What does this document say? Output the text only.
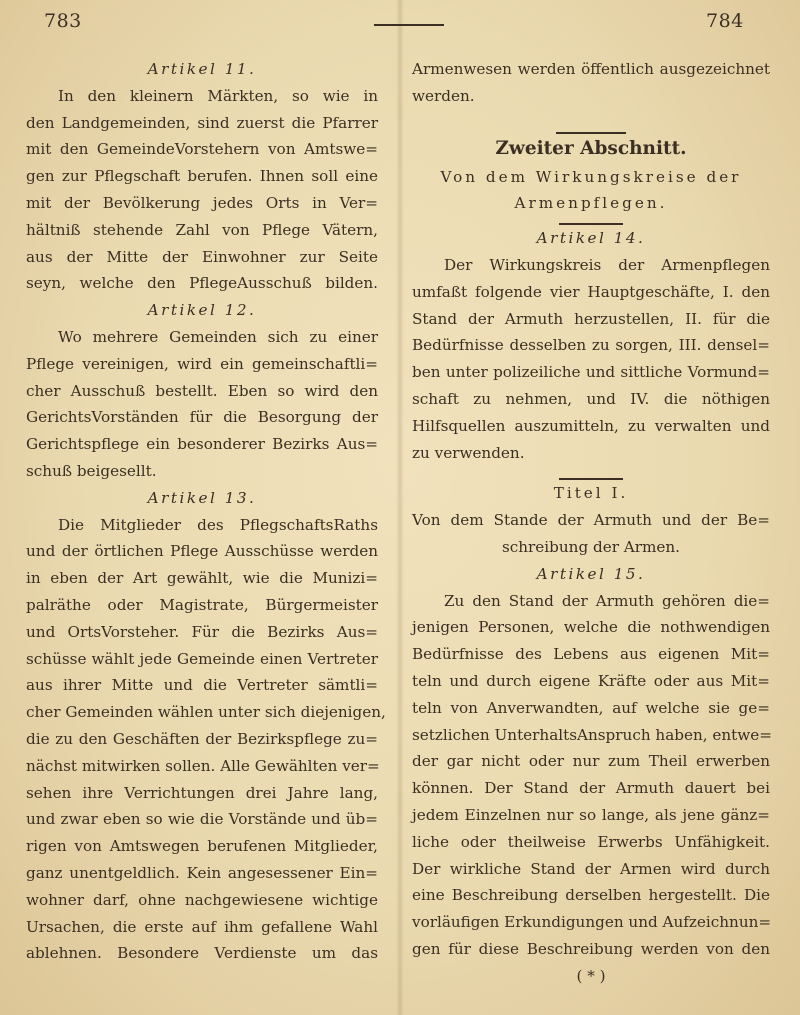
783	784
Artikel 11.
In den kleinern Märkten, so wie in
den Landgemeinden, sind zuerst die Pfarrer
mit den GemeindeVorstehern von Amtswe=
gen zur Pflegschaft berufen. Ihnen soll eine
mit der Bevölkerung jedes Orts in Ver=
hältniß stehende Zahl von Pflege Vätern,
aus der Mitte der Einwohner zur Seite
seyn, welche den PflegeAusschuß bilden.
Artikel 12.
Wo mehrere Gemeinden sich zu einer
Pflege vereinigen, wird ein gemeinschaftli=
cher Ausschuß bestellt. Eben so wird den
GerichtsVorständen für die Besorgung der
Gerichtspflege ein besonderer Bezirks Aus=
schuß beigesellt.
Artikel 13.
Die Mitglieder des PflegschaftsRaths
und der örtlichen Pflege Ausschüsse werden
in eben der Art gewählt, wie die Munizi=
palräthe oder Magistrate, Bürgermeister
und OrtsVorsteher. Für die Bezirks Aus=
schüsse wählt jede Gemeinde einen Vertreter
aus ihrer Mitte und die Vertreter sämtli=
cher Gemeinden wählen unter sich diejenigen,
die zu den Geschäften der Bezirkspflege zu=
nächst mitwirken sollen. Alle Gewählten ver=
sehen ihre Verrichtungen drei Jahre lang,
und zwar eben so wie die Vorstände und üb=
rigen von Amtswegen berufenen Mitglieder,
ganz unentgeldlich. Kein angesessener Ein=
wohner darf, ohne nachgewiesene wichtige
Ursachen, die erste auf ihm gefallene Wahl
ablehnen. Besondere Verdienste um das
Armenwesen werden öffentlich ausgezeichnet
werden.
Zweiter Abschnitt.
Von dem Wirkungskreise der
Armenpflegen.
Artikel 14.
Der Wirkungskreis der Armenpflegen
umfaßt folgende vier Hauptgeschäfte, I. den
Stand der Armuth herzustellen, II. für die
Bedürfnisse desselben zu sorgen, III. densel=
ben unter polizeiliche und sittliche Vormund=
schaft zu nehmen, und IV. die nöthigen
Hilfsquellen auszumitteln, zu verwalten und
zu verwenden.
Titel I.
Von dem Stande der Armuth und der Be=
schreibung der Armen.
Artikel 15.
Zu den Stand der Armuth gehören die=
jenigen Personen, welche die nothwendigen
Bedürfnisse des Lebens aus eigenen Mit=
teln und durch eigene Kräfte oder aus Mit=
teln von Anverwandten, auf welche sie ge=
setzlichen UnterhaltsAnspruch haben, entwe=
der gar nicht oder nur zum Theil erwerben
können. Der Stand der Armuth dauert bei
jedem Einzelnen nur so lange, als jene gänz=
liche oder theilweise Erwerbs Unfähigkeit.
Der wirkliche Stand der Armen wird durch
eine Beschreibung derselben hergestellt. Die
vorläufigen Erkundigungen und Aufzeichnun=
gen für diese Beschreibung werden von den
( * )
